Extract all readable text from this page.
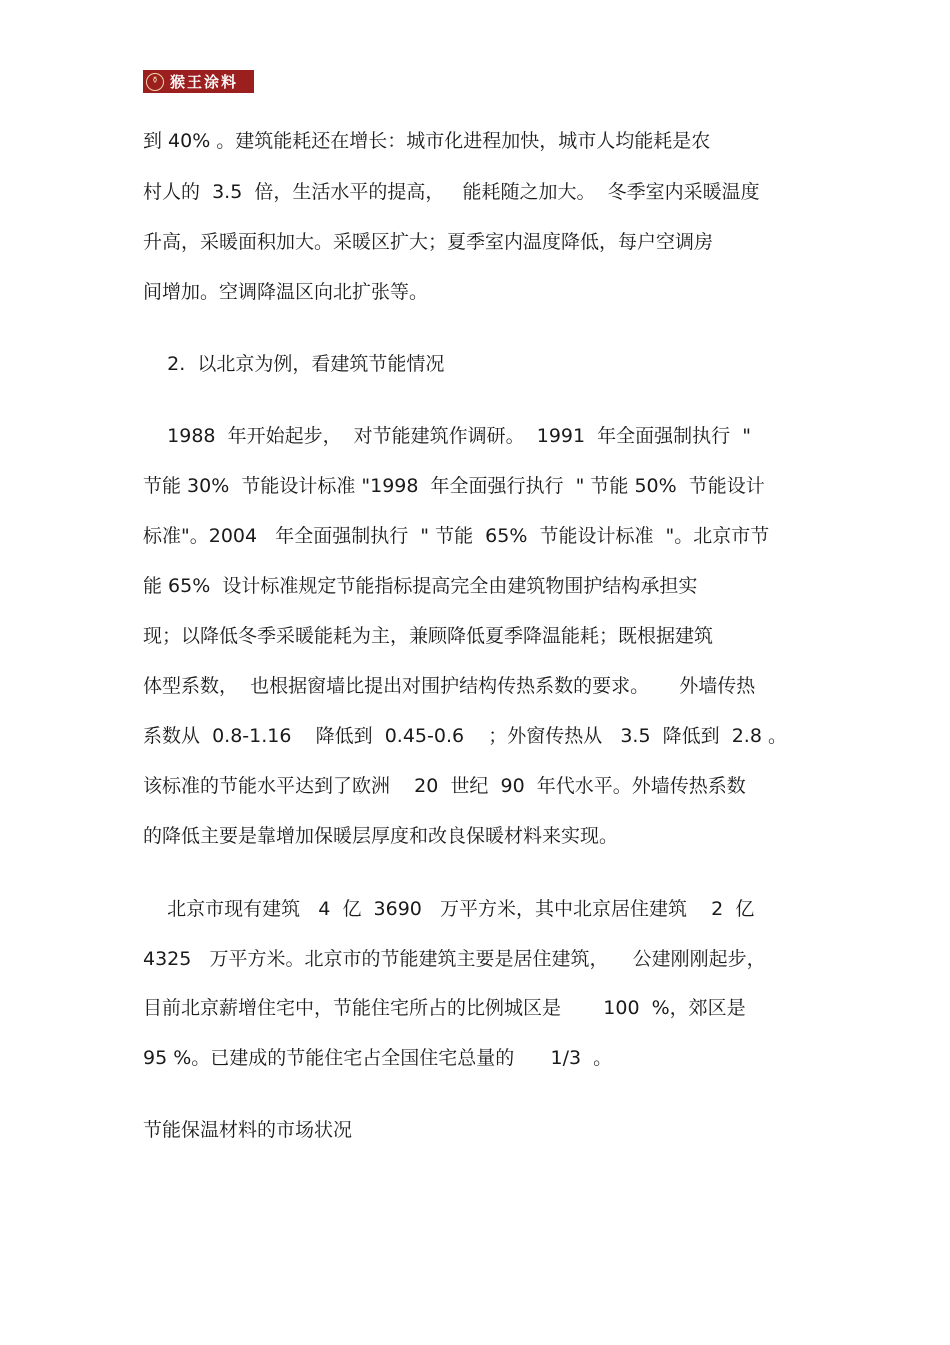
⚱ 猴王涂料
到 40% 。建筑能耗还在增长：城市化进程加快，城市人均能耗是农
村人的  3.5  倍，生活水平的提高，   能耗随之加大。  冬季室内采暖温度
升高，采暖面积加大。采暖区扩大；夏季室内温度降低，每户空调房
间增加。空调降温区向北扩张等。
2.  以北京为例，看建筑节能情况
1988  年开始起步，  对节能建筑作调研。  1991  年全面强制执行  "
节能 30%  节能设计标准 "1998  年全面强行执行  " 节能 50%  节能设计
标准"。2004   年全面强制执行  " 节能  65%  节能设计标准  "。北京市节
能 65%  设计标准规定节能指标提高完全由建筑物围护结构承担实
现；以降低冬季采暖能耗为主，兼顾降低夏季降温能耗；既根据建筑
体型系数，  也根据窗墙比提出对围护结构传热系数的要求。     外墙传热
系数从  0.8-1.16    降低到  0.45-0.6    ；外窗传热从   3.5  降低到  2.8 。
该标准的节能水平达到了欧洲    20  世纪  90  年代水平。外墙传热系数
的降低主要是靠增加保暖层厚度和改良保暖材料来实现。
北京市现有建筑   4  亿  3690   万平方米，其中北京居住建筑    2  亿
4325   万平方米。北京市的节能建筑主要是居住建筑，    公建刚刚起步，
目前北京薪增住宅中，节能住宅所占的比例城区是       100  %，郊区是
95 %。已建成的节能住宅占全国住宅总量的      1/3  。
节能保温材料的市场状况
